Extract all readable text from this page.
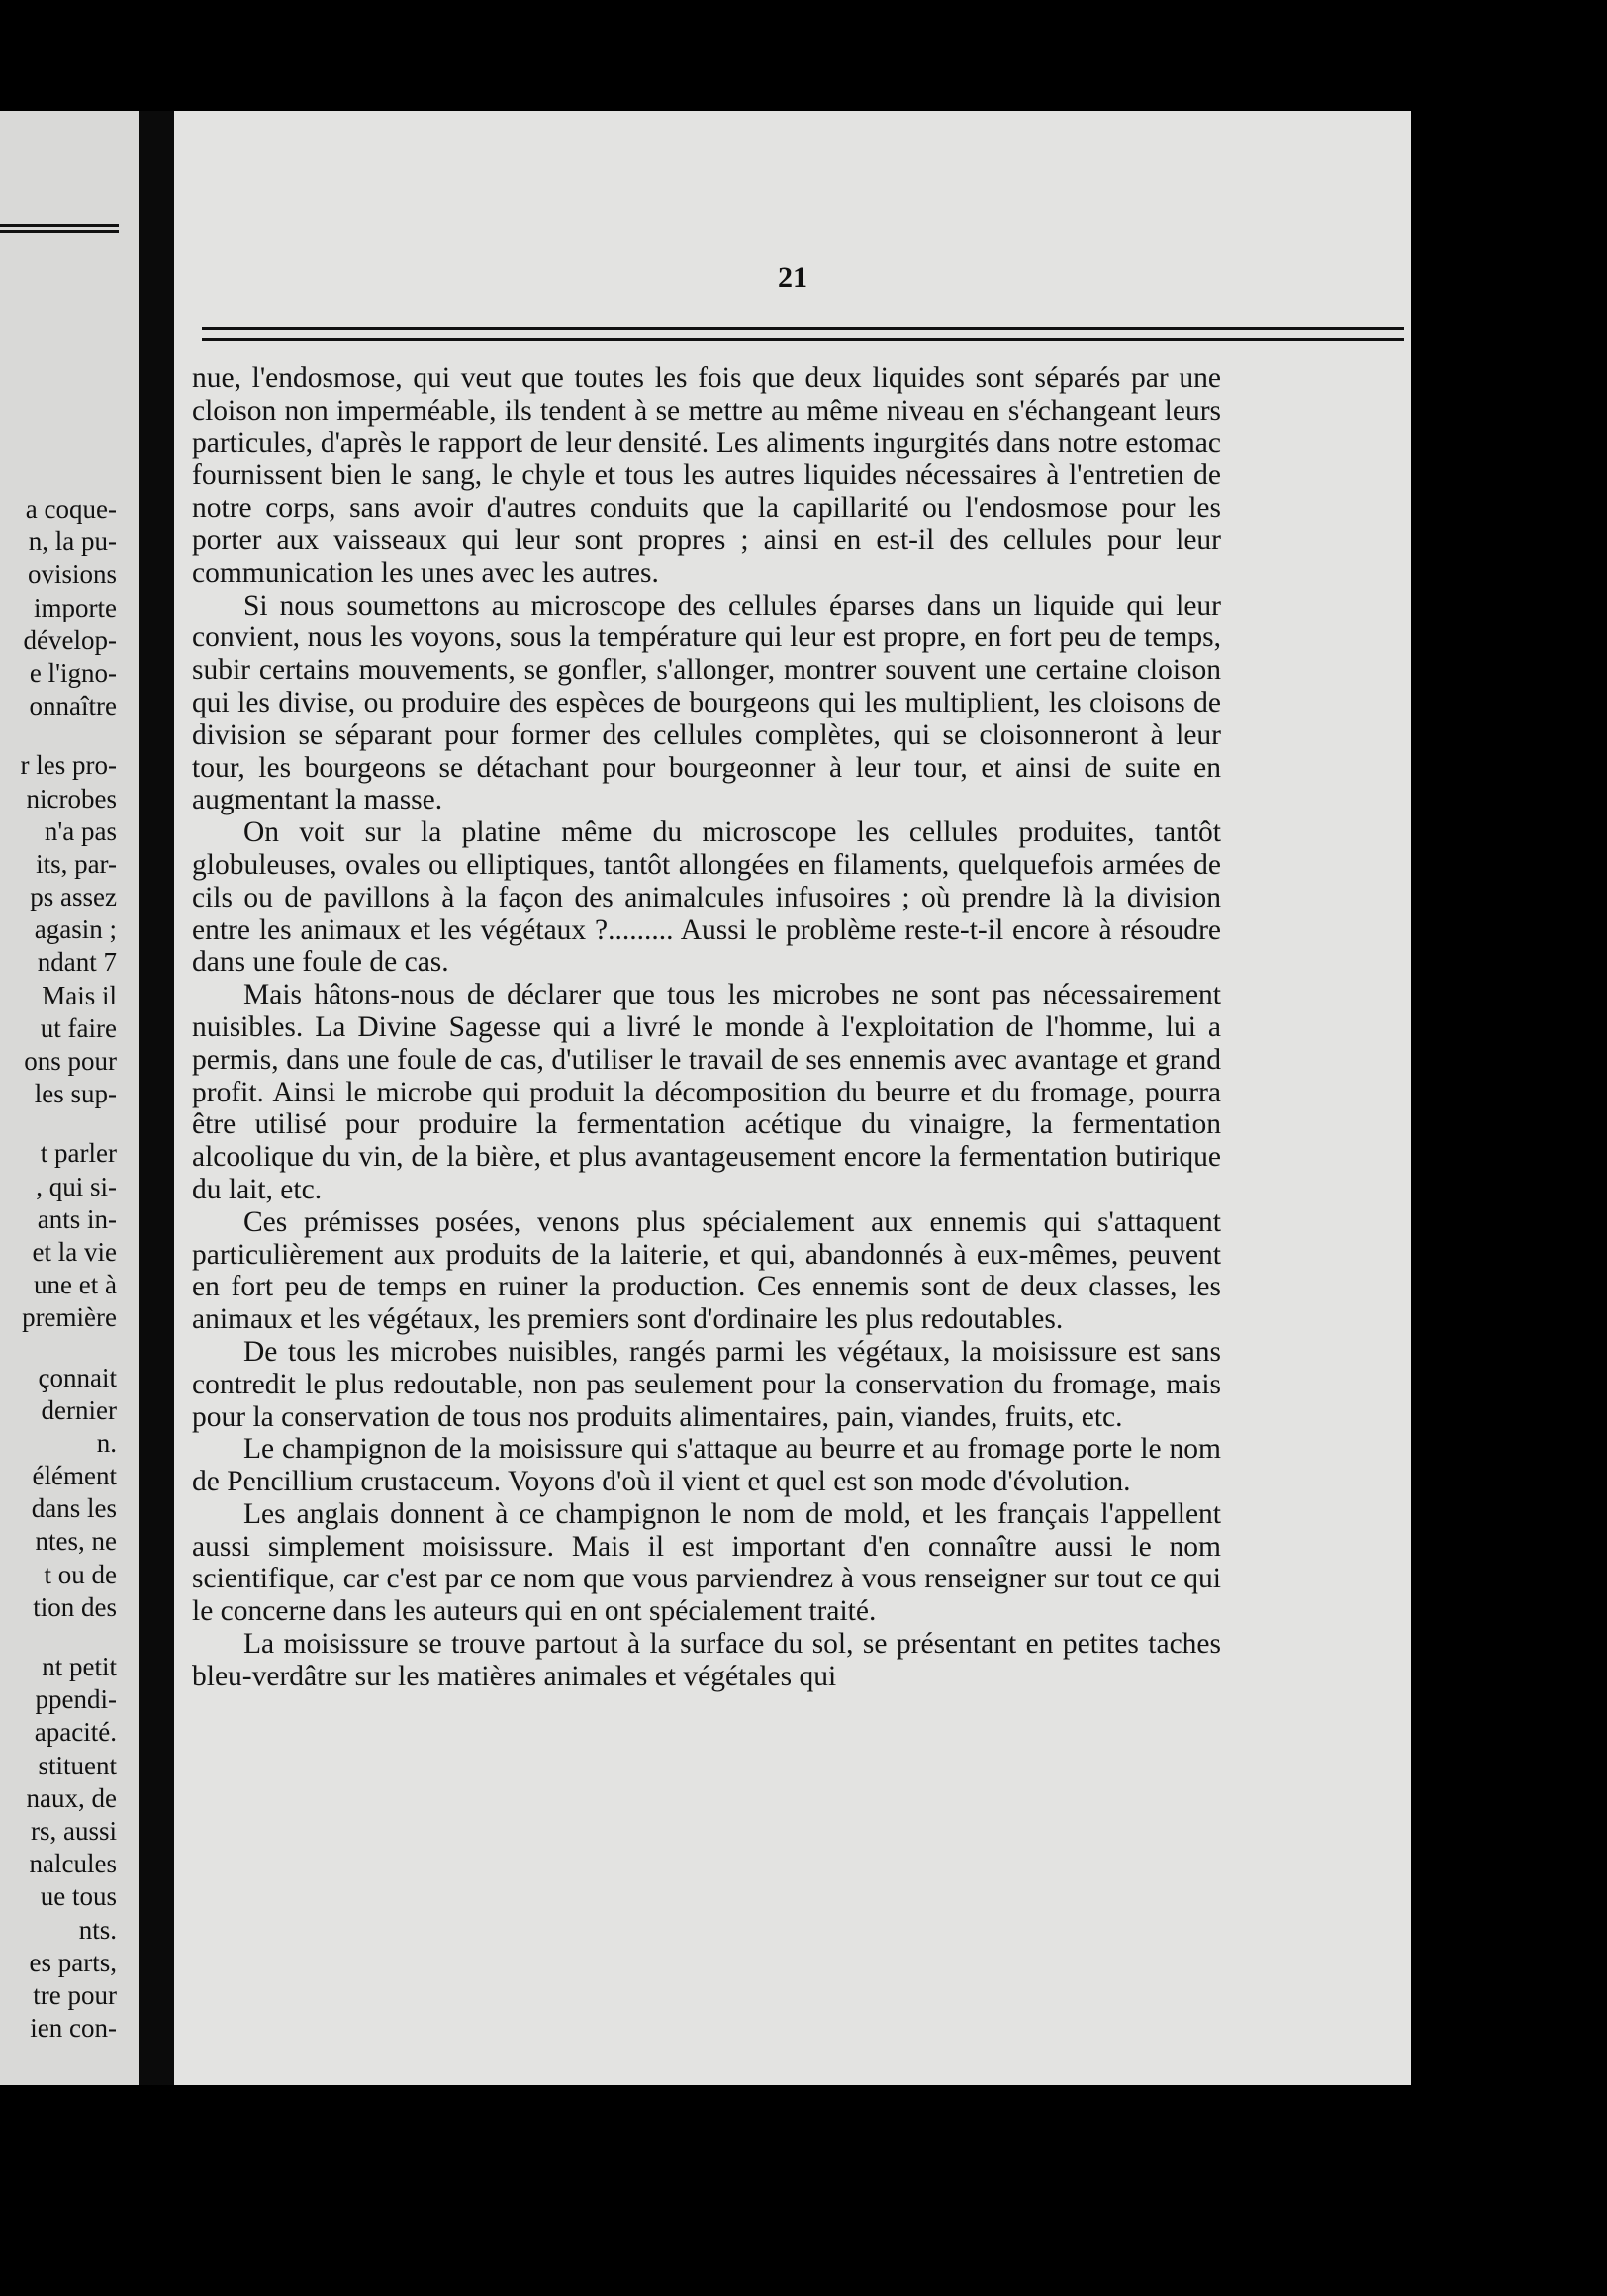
a coque-
n, la pu-
ovisions
importe
dévelop-
e l'igno-
onnaître
r les pro-
nicrobes
n'a pas
its, par-
ps assez
agasin ;
ndant 7
Mais il
ut faire
ons pour
les sup-
t parler
, qui si-
ants in-
et la vie
une et à
première
çonnait
dernier
n.
élément
dans les
ntes, ne
t ou de
tion des
nt petit
ppendi-
apacité.
stituent
naux, de
rs, aussi
nalcules
ue tous
nts.
es parts,
tre pour
ien con-

21

nue, l'endosmose, qui veut que toutes les fois que deux liquides sont séparés par une cloison non imperméable, ils tendent à se mettre au même niveau en s'échangeant leurs particules, d'après le rapport de leur densité. Les aliments ingurgités dans notre estomac fournissent bien le sang, le chyle et tous les autres liquides nécessaires à l'entretien de notre corps, sans avoir d'autres conduits que la capillarité ou l'endosmose pour les porter aux vaisseaux qui leur sont propres ; ainsi en est-il des cellules pour leur communication les unes avec les autres.

Si nous soumettons au microscope des cellules éparses dans un liquide qui leur convient, nous les voyons, sous la température qui leur est propre, en fort peu de temps, subir certains mouvements, se gonfler, s'allonger, montrer souvent une certaine cloison qui les divise, ou produire des espèces de bourgeons qui les multiplient, les cloisons de division se séparant pour former des cellules complètes, qui se cloisonneront à leur tour, les bourgeons se détachant pour bourgeonner à leur tour, et ainsi de suite en augmentant la masse.

On voit sur la platine même du microscope les cellules produites, tantôt globuleuses, ovales ou elliptiques, tantôt allongées en filaments, quelquefois armées de cils ou de pavillons à la façon des animalcules infusoires ; où prendre là la division entre les animaux et les végétaux ?......... Aussi le problème reste-t-il encore à résoudre dans une foule de cas.

Mais hâtons-nous de déclarer que tous les microbes ne sont pas nécessairement nuisibles. La Divine Sagesse qui a livré le monde à l'exploitation de l'homme, lui a permis, dans une foule de cas, d'utiliser le travail de ses ennemis avec avantage et grand profit. Ainsi le microbe qui produit la décomposition du beurre et du fromage, pourra être utilisé pour produire la fermentation acétique du vinaigre, la fermentation alcoolique du vin, de la bière, et plus avantageusement encore la fermentation butirique du lait, etc.

Ces prémisses posées, venons plus spécialement aux ennemis qui s'attaquent particulièrement aux produits de la laiterie, et qui, abandonnés à eux-mêmes, peuvent en fort peu de temps en ruiner la production. Ces ennemis sont de deux classes, les animaux et les végétaux, les premiers sont d'ordinaire les plus redoutables.

De tous les microbes nuisibles, rangés parmi les végétaux, la moisissure est sans contredit le plus redoutable, non pas seulement pour la conservation du fromage, mais pour la conservation de tous nos produits alimentaires, pain, viandes, fruits, etc.

Le champignon de la moisissure qui s'attaque au beurre et au fromage porte le nom de Pencillium crustaceum. Voyons d'où il vient et quel est son mode d'évolution.

Les anglais donnent à ce champignon le nom de mold, et les français l'appellent aussi simplement moisissure. Mais il est important d'en connaître aussi le nom scientifique, car c'est par ce nom que vous parviendrez à vous renseigner sur tout ce qui le concerne dans les auteurs qui en ont spécialement traité.

La moisissure se trouve partout à la surface du sol, se présentant en petites taches bleu-verdâtre sur les matières animales et végétales qui
